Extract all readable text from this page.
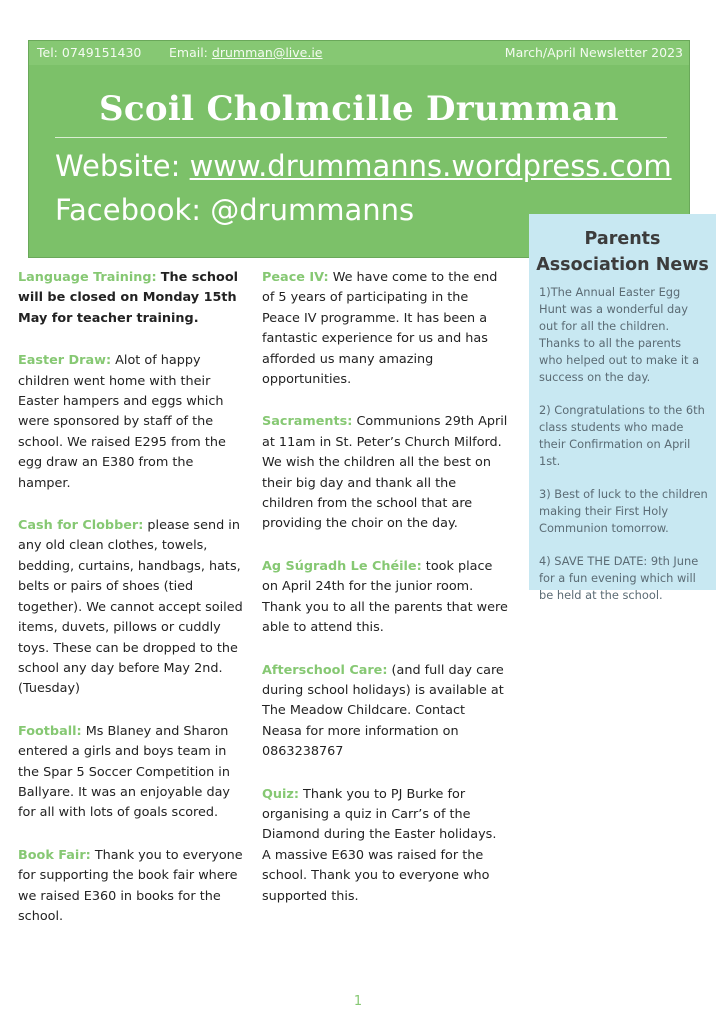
Tel: 0749151430 Email: drumman@live.ie	March/April Newsletter 2023
Scoil Cholmcille Drumman
Website: www.drummanns.wordpress.com
Facebook: @drummanns

Language Training: The school will be closed on Monday 15th May for teacher training.

Easter Draw: Alot of happy children went home with their Easter hampers and eggs which were sponsored by staff of the school. We raised E295 from the egg draw an E380 from the hamper.

Cash for Clobber: please send in any old clean clothes, towels, bedding, curtains, handbags, hats, belts or pairs of shoes (tied together). We cannot accept soiled items, duvets, pillows or cuddly toys. These can be dropped to the school any day before May 2nd. (Tuesday)

Football: Ms Blaney and Sharon entered a girls and boys team in the Spar 5 Soccer Competition in Ballyare. It was an enjoyable day for all with lots of goals scored.

Book Fair: Thank you to everyone for supporting the book fair where we raised E360 in books for the school.

Peace IV: We have come to the end of 5 years of participating in the Peace IV programme. It has been a fantastic experience for us and has afforded us many amazing opportunities.

Sacraments: Communions 29th April at 11am in St. Peter’s Church Milford. We wish the children all the best on their big day and thank all the children from the school that are providing the choir on the day.

Ag Súgradh Le Chéile: took place on April 24th for the junior room. Thank you to all the parents that were able to attend this.

Afterschool Care: (and full day care during school holidays) is available at The Meadow Childcare. Contact Neasa for more information on 0863238767

Quiz: Thank you to PJ Burke for organising a quiz in Carr’s of the Diamond during the Easter holidays. A massive E630 was raised for the school. Thank you to everyone who supported this.

Parents
Association News
1)The Annual Easter Egg Hunt was a wonderful day out for all the children. Thanks to all the parents who helped out to make it a success on the day.
2) Congratulations to the 6th class students who made their Confirmation on April 1st.
3) Best of luck to the children making their First Holy Communion tomorrow.
4) SAVE THE DATE: 9th June for a fun evening which will be held at the school.
1
